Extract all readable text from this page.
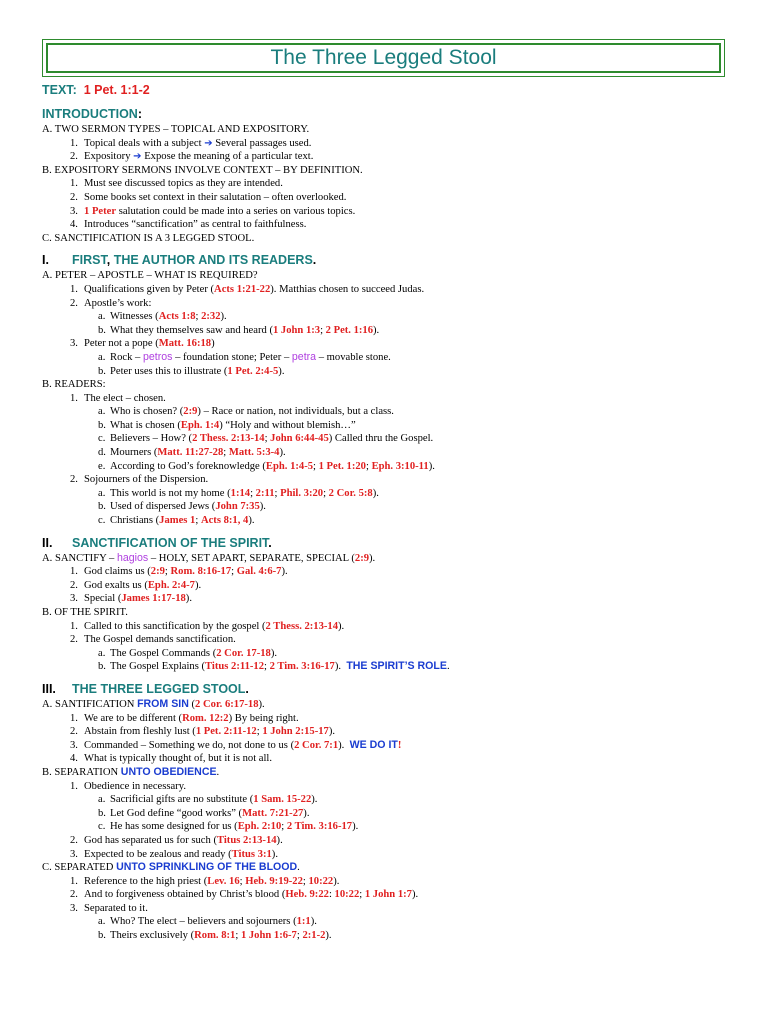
The Three Legged Stool
TEXT: 1 Pet. 1:1-2
INTRODUCTION:
A. TWO SERMON TYPES – TOPICAL AND EXPOSITORY.
1. Topical deals with a subject ➔ Several passages used.
2. Expository ➔ Expose the meaning of a particular text.
B. EXPOSITORY SERMONS INVOLVE CONTEXT – BY DEFINITION.
1. Must see discussed topics as they are intended.
2. Some books set context in their salutation – often overlooked.
3. 1 Peter salutation could be made into a series on various topics.
4. Introduces “sanctification” as central to faithfulness.
C. SANCTIFICATION IS A 3 LEGGED STOOL.
I. FIRST, THE AUTHOR AND ITS READERS.
A. PETER – APOSTLE – WHAT IS REQUIRED?
1. Qualifications given by Peter (Acts 1:21-22). Matthias chosen to succeed Judas.
2. Apostle’s work:
a. Witnesses (Acts 1:8; 2:32).
b. What they themselves saw and heard (1 John 1:3; 2 Pet. 1:16).
3. Peter not a pope (Matt. 16:18)
a. Rock – petros – foundation stone; Peter – petra – movable stone.
b. Peter uses this to illustrate (1 Pet. 2:4-5).
B. READERS:
1. The elect – chosen.
a. Who is chosen? (2:9) – Race or nation, not individuals, but a class.
b. What is chosen (Eph. 1:4) “Holy and without blemish…”
c. Believers – How? (2 Thess. 2:13-14; John 6:44-45) Called thru the Gospel.
d. Mourners (Matt. 11:27-28; Matt. 5:3-4).
e. According to God’s foreknowledge (Eph. 1:4-5; 1 Pet. 1:20; Eph. 3:10-11).
2. Sojourners of the Dispersion.
a. This world is not my home (1:14; 2:11; Phil. 3:20; 2 Cor. 5:8).
b. Used of dispersed Jews (John 7:35).
c. Christians (James 1; Acts 8:1, 4).
II. SANCTIFICATION OF THE SPIRIT.
A. SANCTIFY – hagios – HOLY, SET APART, SEPARATE, SPECIAL (2:9).
1. God claims us (2:9; Rom. 8:16-17; Gal. 4:6-7).
2. God exalts us (Eph. 2:4-7).
3. Special (James 1:17-18).
B. OF THE SPIRIT.
1. Called to this sanctification by the gospel (2 Thess. 2:13-14).
2. The Gospel demands sanctification.
a. The Gospel Commands (2 Cor. 17-18).
b. The Gospel Explains (Titus 2:11-12; 2 Tim. 3:16-17). THE SPIRIT’S ROLE.
III. THE THREE LEGGED STOOL.
A. SANTIFICATION FROM SIN (2 Cor. 6:17-18).
1. We are to be different (Rom. 12:2) By being right.
2. Abstain from fleshly lust (1 Pet. 2:11-12; 1 John 2:15-17).
3. Commanded – Something we do, not done to us (2 Cor. 7:1). WE DO IT!
4. What is typically thought of, but it is not all.
B. SEPARATION UNTO OBEDIENCE.
1. Obedience in necessary.
a. Sacrificial gifts are no substitute (1 Sam. 15-22).
b. Let God define “good works” (Matt. 7:21-27).
c. He has some designed for us (Eph. 2:10; 2 Tim. 3:16-17).
2. God has separated us for such (Titus 2:13-14).
3. Expected to be zealous and ready (Titus 3:1).
C. SEPARATED UNTO SPRINKLING OF THE BLOOD.
1. Reference to the high priest (Lev. 16; Heb. 9:19-22; 10:22).
2. And to forgiveness obtained by Christ’s blood (Heb. 9:22: 10:22; 1 John 1:7).
3. Separated to it.
a. Who? The elect – believers and sojourners (1:1).
b. Theirs exclusively (Rom. 8:1; 1 John 1:6-7; 2:1-2).
